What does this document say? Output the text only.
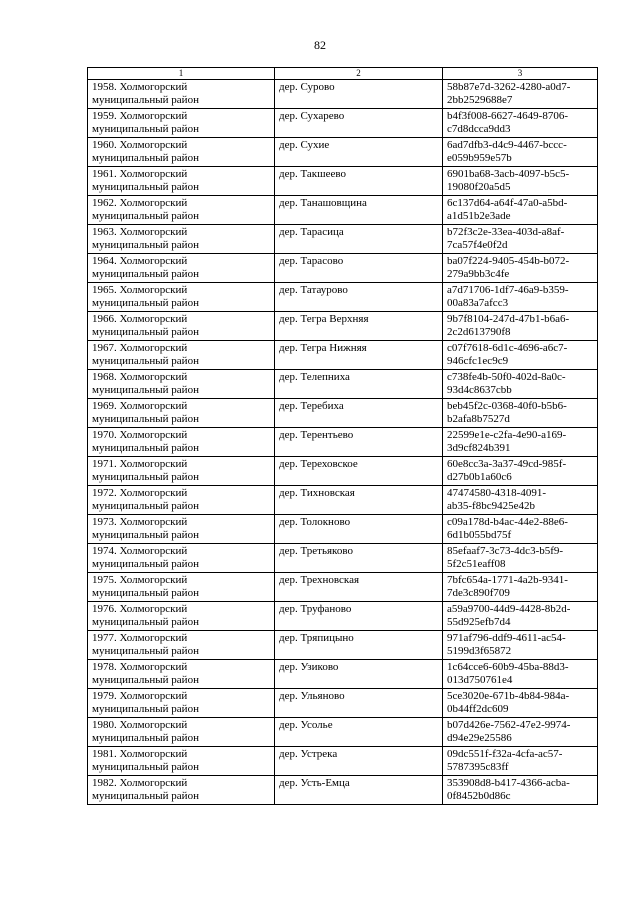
82
1	2	3

1958. Холмогорский
муниципальный район	дер. Сурово	58b87e7d-3262-4280-a0d7-
2bb2529688e7

1959. Холмогорский
муниципальный район	дер. Сухарево	b4f3f008-6627-4649-8706-
c7d8dcca9dd3

1960. Холмогорский
муниципальный район	дер. Сухие	6ad7dfb3-d4c9-4467-bccc-
e059b959e57b

1961. Холмогорский
муниципальный район	дер. Такшеево	6901ba68-3acb-4097-b5c5-
19080f20a5d5

1962. Холмогорский
муниципальный район	дер. Танашовщина	6c137d64-a64f-47a0-a5bd-
a1d51b2e3ade

1963. Холмогорский
муниципальный район	дер. Тарасица	b72f3c2e-33ea-403d-a8af-
7ca57f4e0f2d

1964. Холмогорский
муниципальный район	дер. Тарасово	ba07f224-9405-454b-b072-
279a9bb3c4fe

1965. Холмогорский
муниципальный район	дер. Татаурово	a7d71706-1df7-46a9-b359-
00a83a7afcc3

1966. Холмогорский
муниципальный район	дер. Тегра Верхняя	9b7f8104-247d-47b1-b6a6-
2c2d613790f8

1967. Холмогорский
муниципальный район	дер. Тегра Нижняя	c07f7618-6d1c-4696-a6c7-
946cfc1ec9c9

1968. Холмогорский
муниципальный район	дер. Телепниха	c738fe4b-50f0-402d-8a0c-
93d4c8637cbb

1969. Холмогорский
муниципальный район	дер. Теребиха	beb45f2c-0368-40f0-b5b6-
b2afa8b7527d

1970. Холмогорский
муниципальный район	дер. Терентьево	22599e1e-c2fa-4e90-a169-
3d9cf824b391

1971. Холмогорский
муниципальный район	дер. Тереховское	60e8cc3a-3a37-49cd-985f-
d27b0b1a60c6

1972. Холмогорский
муниципальный район	дер. Тихновская	47474580-4318-4091-
ab35-f8bc9425e42b

1973. Холмогорский
муниципальный район	дер. Толокново	c09a178d-b4ac-44e2-88e6-
6d1b055bd75f

1974. Холмогорский
муниципальный район	дер. Третьяково	85efaaf7-3c73-4dc3-b5f9-
5f2c51eaff08

1975. Холмогорский
муниципальный район	дер. Трехновская	7bfc654a-1771-4a2b-9341-
7de3c890f709

1976. Холмогорский
муниципальный район	дер. Труфаново	a59a9700-44d9-4428-8b2d-
55d925efb7d4

1977. Холмогорский
муниципальный район	дер. Тряпицыно	971af796-ddf9-4611-ac54-
5199d3f65872

1978. Холмогорский
муниципальный район	дер. Узиково	1c64cce6-60b9-45ba-88d3-
013d750761e4

1979. Холмогорский
муниципальный район	дер. Ульяново	5ce3020e-671b-4b84-984a-
0b44ff2dc609

1980. Холмогорский
муниципальный район	дер. Усолье	b07d426e-7562-47e2-9974-
d94e29e25586

1981. Холмогорский
муниципальный район	дер. Устрека	09dc551f-f32a-4cfa-ac57-
5787395c83ff

1982. Холмогорский
муниципальный район	дер. Усть-Емца	353908d8-b417-4366-acba-
0f8452b0d86c
